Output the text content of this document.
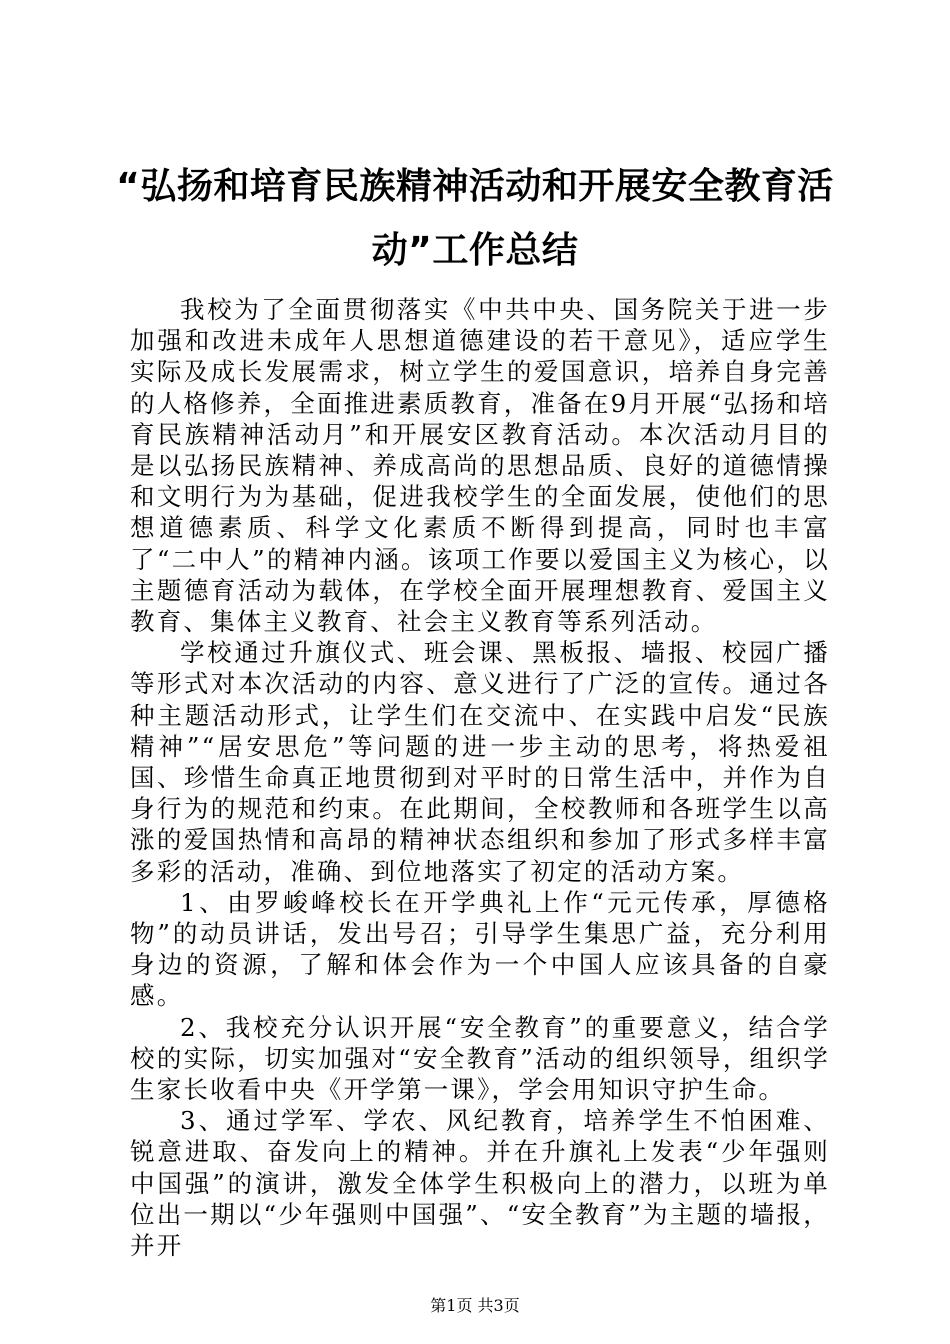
“弘扬和培育民族精神活动和开展安全教育活动”工作总结

我校为了全面贯彻落实《中共中央、国务院关于进一步加强和改进未成年人思想道德建设的若干意见》，适应学生实际及成长发展需求，树立学生的爱国意识，培养自身完善的人格修养，全面推进素质教育，准备在9月开展“弘扬和培育民族精神活动月”和开展安区教育活动。本次活动月目的是以弘扬民族精神、养成高尚的思想品质、良好的道德情操和文明行为为基础，促进我校学生的全面发展，使他们的思想道德素质、科学文化素质不断得到提高，同时也丰富了“二中人”的精神内涵。该项工作要以爱国主义为核心，以主题德育活动为载体，在学校全面开展理想教育、爱国主义教育、集体主义教育、社会主义教育等系列活动。

学校通过升旗仪式、班会课、黑板报、墙报、校园广播等形式对本次活动的内容、意义进行了广泛的宣传。通过各种主题活动形式，让学生们在交流中、在实践中启发“民族精神”“居安思危”等问题的进一步主动的思考，将热爱祖国、珍惜生命真正地贯彻到对平时的日常生活中，并作为自身行为的规范和约束。在此期间，全校教师和各班学生以高涨的爱国热情和高昂的精神状态组织和参加了形式多样丰富多彩的活动，准确、到位地落实了初定的活动方案。

1、由罗峻峰校长在开学典礼上作“元元传承，厚德格物”的动员讲话，发出号召；引导学生集思广益，充分利用身边的资源，了解和体会作为一个中国人应该具备的自豪感。

2、我校充分认识开展“安全教育”的重要意义，结合学校的实际，切实加强对“安全教育”活动的组织领导，组织学生家长收看中央《开学第一课》，学会用知识守护生命。

3、通过学军、学农、风纪教育，培养学生不怕困难、锐意进取、奋发向上的精神。并在升旗礼上发表“少年强则中国强”的演讲，激发全体学生积极向上的潜力，以班为单位出一期以“少年强则中国强”、“安全教育”为主题的墙报，并开

第1页 共3页
